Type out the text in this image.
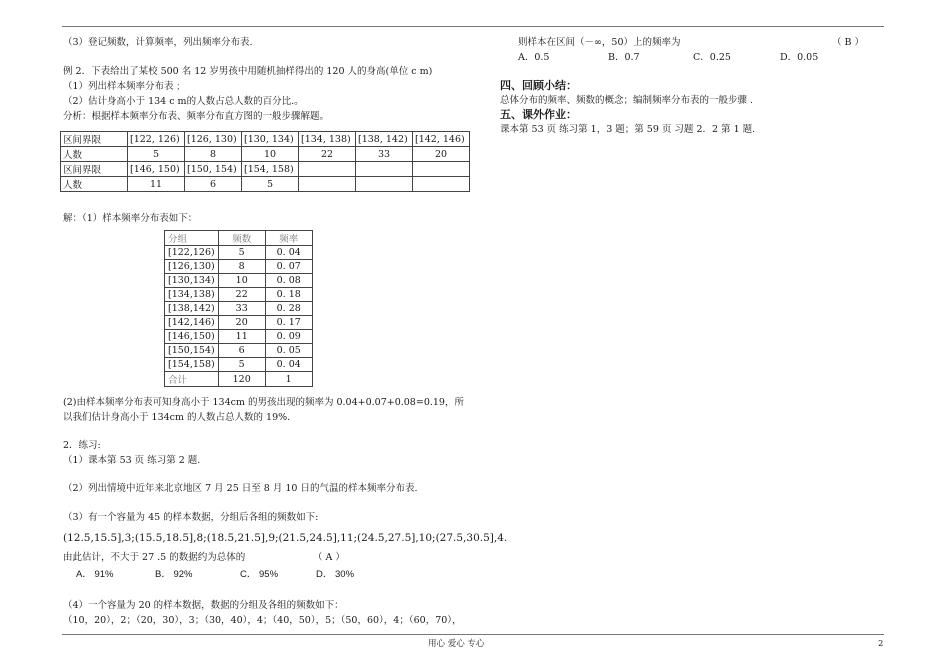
（3）登记频数，计算频率，列出频率分布表.
例 2．下表给出了某校 500 名 12 岁男孩中用随机抽样得出的 120 人的身高(单位 c m)
（1）列出样本频率分布表﹔
（2）估计身高小于 134 c m的人数占总人数的百分比.。
分析：根据样本频率分布表、频率分布直方图的一般步骤解题。
区间界限	[122, 126)	[126, 130)	[130, 134)	[134, 138)	[138, 142)	[142, 146)
人数	5	8	10	22	33	20
区间界限	[146, 150)	[150, 154)	[154, 158)			
人数	11	6	5			
解：（1）样本频率分布表如下：
分组	频数	频率
[122,126)	5	0. 04
[126,130)	8	0. 07
[130,134)	10	0. 08
[134,138)	22	0. 18
[138,142)	33	0. 28
[142,146)	20	0. 17
[146,150)	11	0. 09
[150,154)	6	0. 05
[154,158)	5	0. 04
合计	120	1
(2)由样本频率分布表可知身高小于 134cm 的男孩出现的频率为 0.04+0.07+0.08=0.19，所
以我们估计身高小于 134cm 的人数占总人数的 19%.
2．练习:
（1）课本第 53 页 练习第 2 题.
（2）列出情境中近年来北京地区 7 月 25 日至 8 月 10 日的气温的样本频率分布表.
（3）有一个容量为 45 的样本数据，分组后各组的频数如下:
(12.5,15.5],3;(15.5,18.5],8;(18.5,21.5],9;(21.5,24.5],11;(24.5,27.5],10;(27.5,30.5],4.
由此估计，不大于 27 .5 的数据约为总体的	（ A ）
A． 91%	B． 92%	C． 95%	D． 30%
（4）一个容量为 20 的样本数据，数据的分组及各组的频数如下：
（10，20），2；（20，30），3；（30，40），4；（40，50），5；（50，60），4；（60，70），
则样本在区间（－∞，50）上的频率为	（ B ）
A．0.5	B．0.7	C．0.25	D．0.05
四、回顾小结：
总体分布的频率、频数的概念；编制频率分布表的一般步骤 .
五、课外作业：
课本第 53 页 练习第 1，3 题；第 59 页 习题 2．2 第 1 题.
用心 爱心 专心	2
